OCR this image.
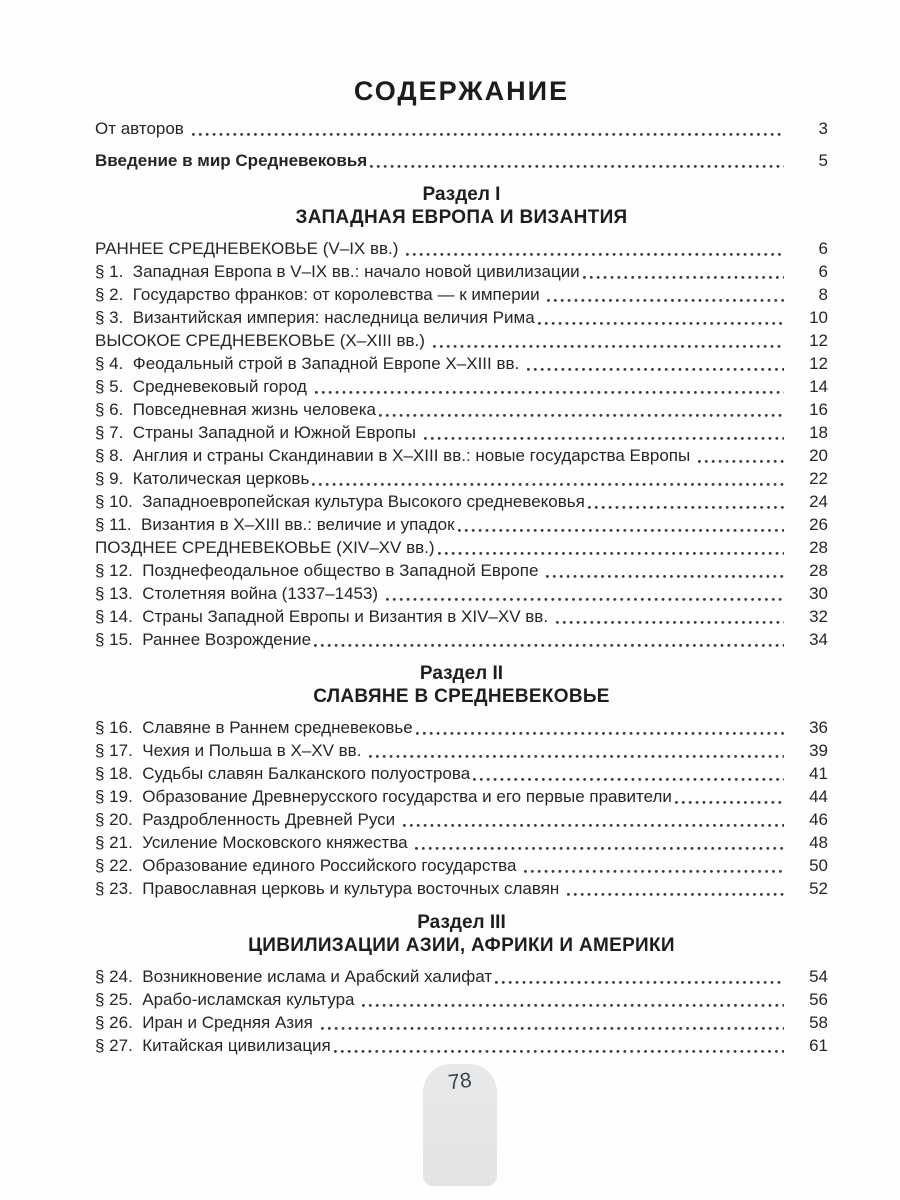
СОДЕРЖАНИЕ
От авторов	3
Введение в мир Средневековья	5
Раздел I
ЗАПАДНАЯ ЕВРОПА И ВИЗАНТИЯ
РАННЕЕ СРЕДНЕВЕКОВЬЕ (V–IX вв.)	6
§ 1.  Западная Европа в V–IX вв.: начало новой цивилизации	6
§ 2.  Государство франков: от королевства — к империи	8
§ 3.  Византийская империя: наследница величия Рима	10
ВЫСОКОЕ СРЕДНЕВЕКОВЬЕ (X–XIII вв.)	12
§ 4.  Феодальный строй в Западной Европе X–XIII вв.	12
§ 5.  Средневековый город	14
§ 6.  Повседневная жизнь человека	16
§ 7.  Страны Западной и Южной Европы	18
§ 8.  Англия и страны Скандинавии в X–XIII вв.: новые государства Европы	20
§ 9.  Католическая церковь	22
§ 10.  Западноевропейская культура Высокого средневековья	24
§ 11.  Византия в X–XIII вв.: величие и упадок	26
ПОЗДНЕЕ СРЕДНЕВЕКОВЬЕ (XIV–XV вв.)	28
§ 12.  Позднефеодальное общество в Западной Европе	28
§ 13.  Столетняя война (1337–1453)	30
§ 14.  Страны Западной Европы и Византия в XIV–XV вв.	32
§ 15.  Раннее Возрождение	34
Раздел II
СЛАВЯНЕ В СРЕДНЕВЕКОВЬЕ
§ 16.  Славяне в Раннем средневековье	36
§ 17.  Чехия и Польша в X–XV вв.	39
§ 18.  Судьбы славян Балканского полуострова	41
§ 19.  Образование Древнерусского государства и его первые правители	44
§ 20.  Раздробленность Древней Руси	46
§ 21.  Усиление Московского княжества	48
§ 22.  Образование единого Российского государства	50
§ 23.  Православная церковь и культура восточных славян	52
Раздел III
ЦИВИЛИЗАЦИИ АЗИИ, АФРИКИ И АМЕРИКИ
§ 24.  Возникновение ислама и Арабский халифат	54
§ 25.  Арабо-исламская культура	56
§ 26.  Иран и Средняя Азия	58
§ 27.  Китайская цивилизация	61
78
